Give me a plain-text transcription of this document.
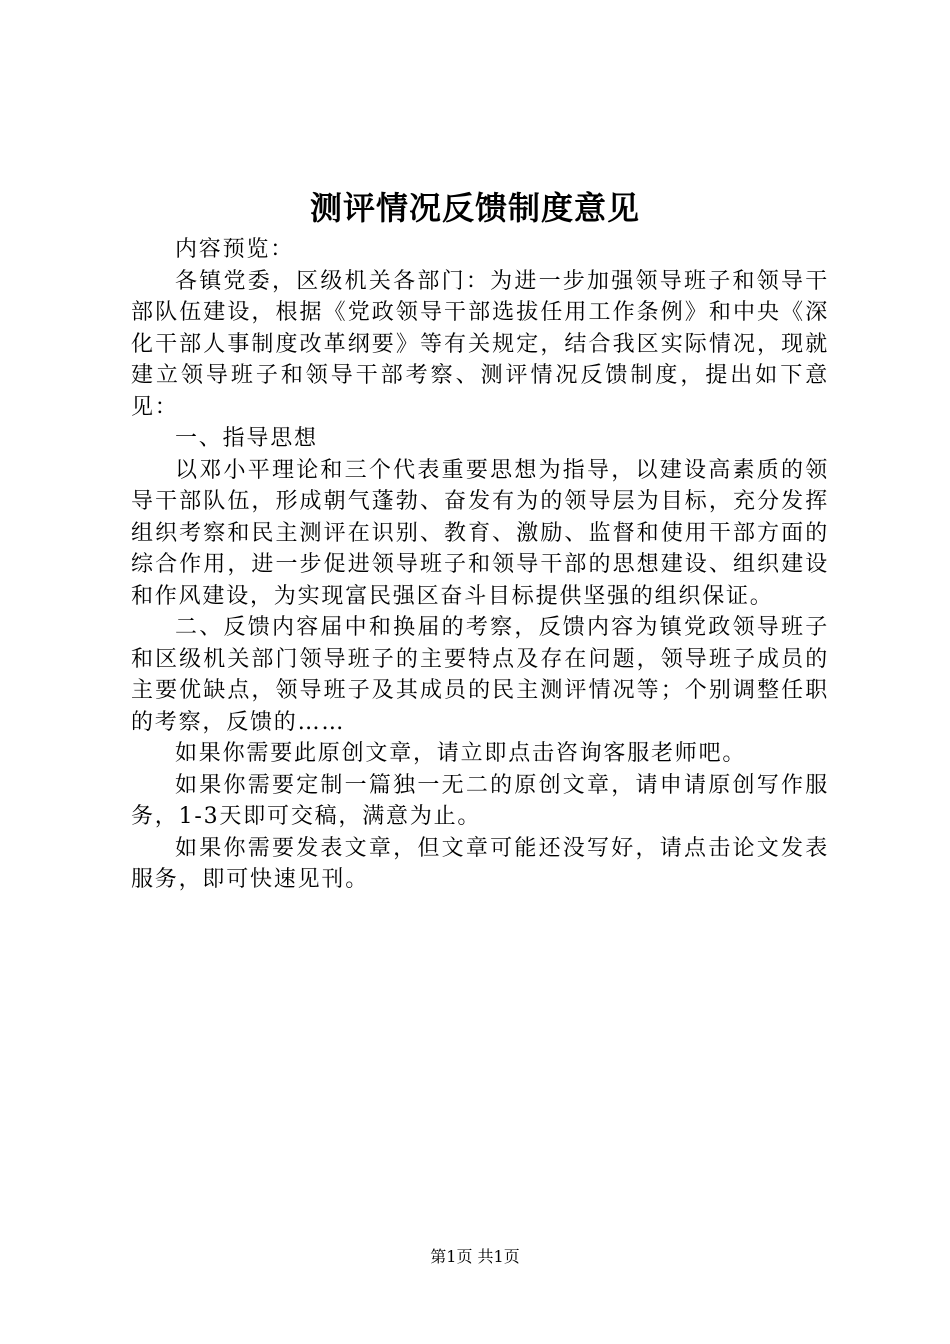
测评情况反馈制度意见

内容预览：

各镇党委，区级机关各部门：为进一步加强领导班子和领导干部队伍建设，根据《党政领导干部选拔任用工作条例》和中央《深化干部人事制度改革纲要》等有关规定，结合我区实际情况，现就建立领导班子和领导干部考察、测评情况反馈制度，提出如下意见：

一、指导思想

以邓小平理论和三个代表重要思想为指导，以建设高素质的领导干部队伍，形成朝气蓬勃、奋发有为的领导层为目标，充分发挥组织考察和民主测评在识别、教育、激励、监督和使用干部方面的综合作用，进一步促进领导班子和领导干部的思想建设、组织建设和作风建设，为实现富民强区奋斗目标提供坚强的组织保证。

二、反馈内容届中和换届的考察，反馈内容为镇党政领导班子和区级机关部门领导班子的主要特点及存在问题，领导班子成员的主要优缺点，领导班子及其成员的民主测评情况等；个别调整任职的考察，反馈的……

如果你需要此原创文章，请立即点击咨询客服老师吧。

如果你需要定制一篇独一无二的原创文章，请申请原创写作服务，1-3天即可交稿，满意为止。

如果你需要发表文章，但文章可能还没写好，请点击论文发表服务，即可快速见刊。

第1页 共1页
